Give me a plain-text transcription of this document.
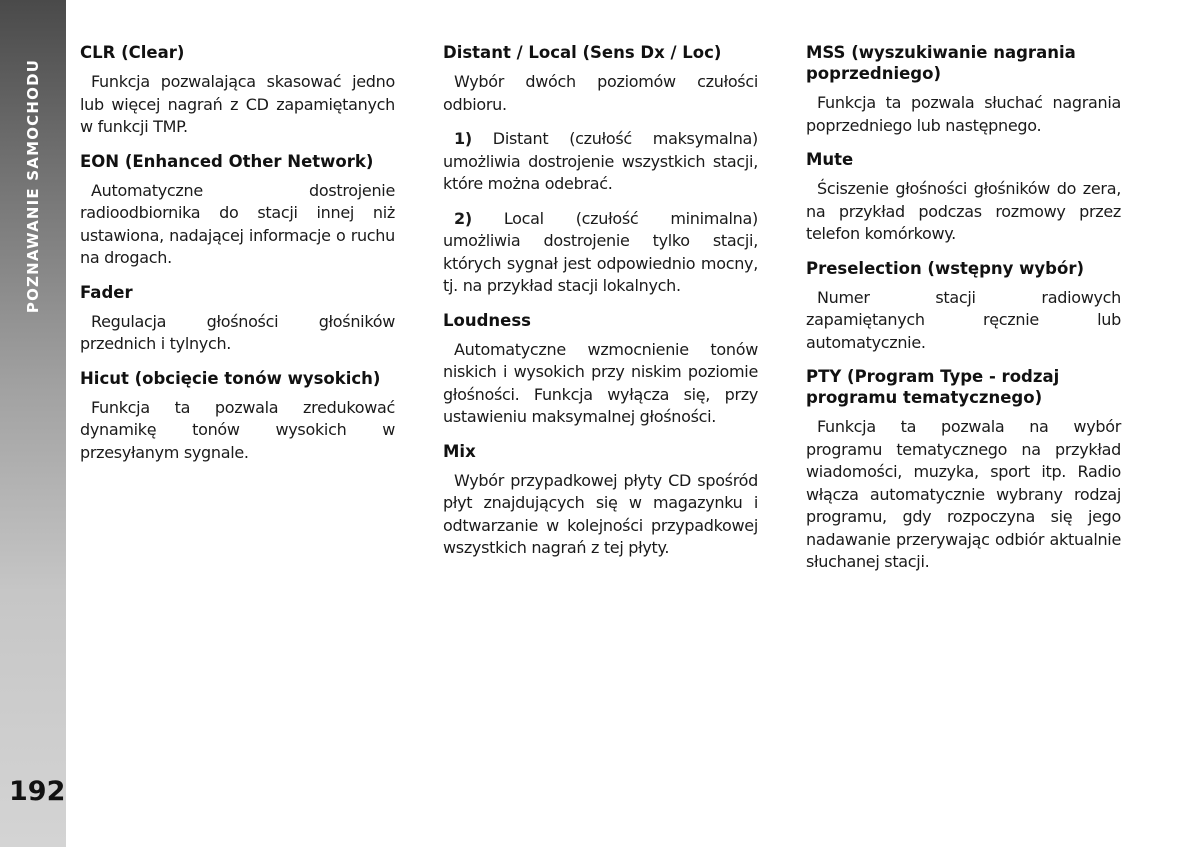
POZNAWANIE SAMOCHODU
192
CLR (Clear)

Funkcja pozwalająca skasować jedno lub więcej nagrań z CD zapamiętanych w funkcji TMP.

EON (Enhanced Other Network)

Automatyczne dostrojenie radioodbiornika do stacji innej niż ustawiona, nadającej informacje o ruchu na drogach.

Fader

Regulacja głośności głośników przednich i tylnych.

Hicut (obcięcie tonów wysokich)

Funkcja ta pozwala zredukować dynamikę tonów wysokich w przesyłanym sygnale.

Distant / Local (Sens Dx / Loc)

Wybór dwóch poziomów czułości odbioru.

1) Distant (czułość maksymalna) umożliwia dostrojenie wszystkich stacji, które można odebrać.

2) Local (czułość minimalna) umożliwia dostrojenie tylko stacji, których sygnał jest odpowiednio mocny, tj. na przykład stacji lokalnych.

Loudness

Automatyczne wzmocnienie tonów niskich i wysokich przy niskim poziomie głośności. Funkcja wyłącza się, przy ustawieniu maksymalnej głośności.

Mix

Wybór przypadkowej płyty CD spośród płyt znajdujących się w magazynku i odtwarzanie w kolejności przypadkowej wszystkich nagrań z tej płyty.

MSS (wyszukiwanie nagrania poprzedniego)

Funkcja ta pozwala słuchać nagrania poprzedniego lub następnego.

Mute

Ściszenie głośności głośników do zera, na przykład podczas rozmowy przez telefon komórkowy.

Preselection (wstępny wybór)

Numer stacji radiowych zapamiętanych ręcznie lub automatycznie.

PTY (Program Type - rodzaj programu tematycznego)

Funkcja ta pozwala na wybór programu tematycznego na przykład wiadomości, muzyka, sport itp. Radio włącza automatycznie wybrany rodzaj programu, gdy rozpoczyna się jego nadawanie przerywając odbiór aktualnie słuchanej stacji.
